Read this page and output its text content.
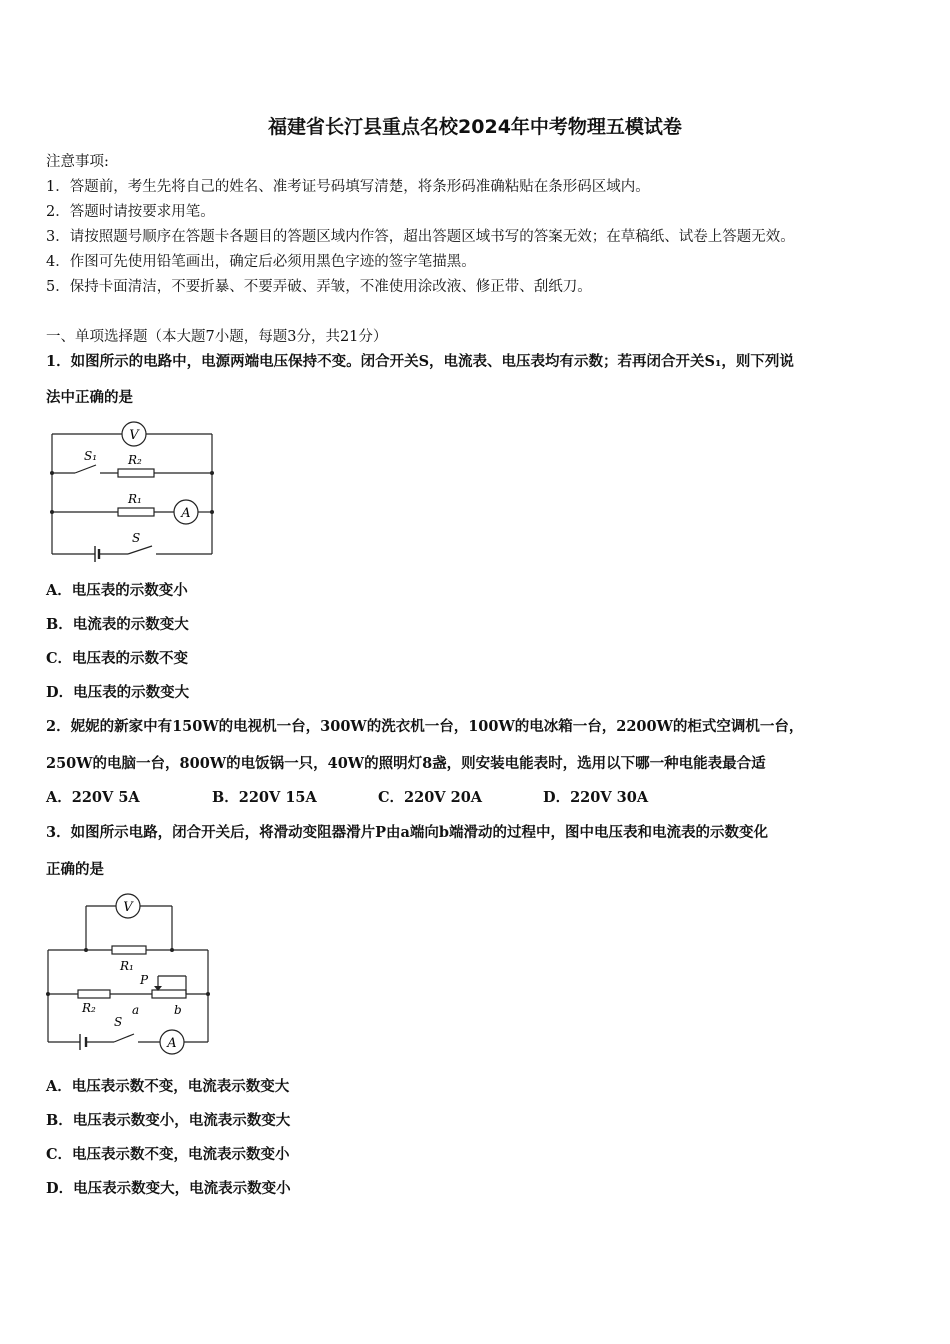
福建省长汀县重点名校2024年中考物理五模试卷
注意事项:
1．答题前，考生先将自己的姓名、准考证号码填写清楚，将条形码准确粘贴在条形码区域内。
2．答题时请按要求用笔。
3．请按照题号顺序在答题卡各题目的答题区域内作答，超出答题区域书写的答案无效；在草稿纸、试卷上答题无效。
4．作图可先使用铅笔画出，确定后必须用黑色字迹的签字笔描黑。
5．保持卡面清洁，不要折暴、不要弄破、弄皱，不准使用涂改液、修正带、刮纸刀。
一、单项选择题（本大题7小题，每题3分，共21分）
1．如图所示的电路中，电源两端电压保持不变。闭合开关S，电流表、电压表均有示数；若再闭合开关S₁，则下列说
法中正确的是
V
A
S₁	R₂
R₁
S
A．电压表的示数变小
B．电流表的示数变大
C．电压表的示数不变
D．电压表的示数变大
2．妮妮的新家中有150W的电视机一台，300W的洗衣机一台，100W的电冰箱一台，2200W的柜式空调机一台，
250W的电脑一台，800W的电饭锅一只，40W的照明灯8盏，则安装电能表时，选用以下哪一种电能表最合适
A．220V 5A	B．220V 15A	C．220V 20A	D．220V 30A
3．如图所示电路，闭合开关后，将滑动变阻器滑片P由a端向b端滑动的过程中，图中电压表和电流表的示数变化
正确的是
V
A
R₁
R₂
P
S
a	b
A．电压表示数不变，电流表示数变大
B．电压表示数变小，电流表示数变大
C．电压表示数不变，电流表示数变小
D．电压表示数变大，电流表示数变小
